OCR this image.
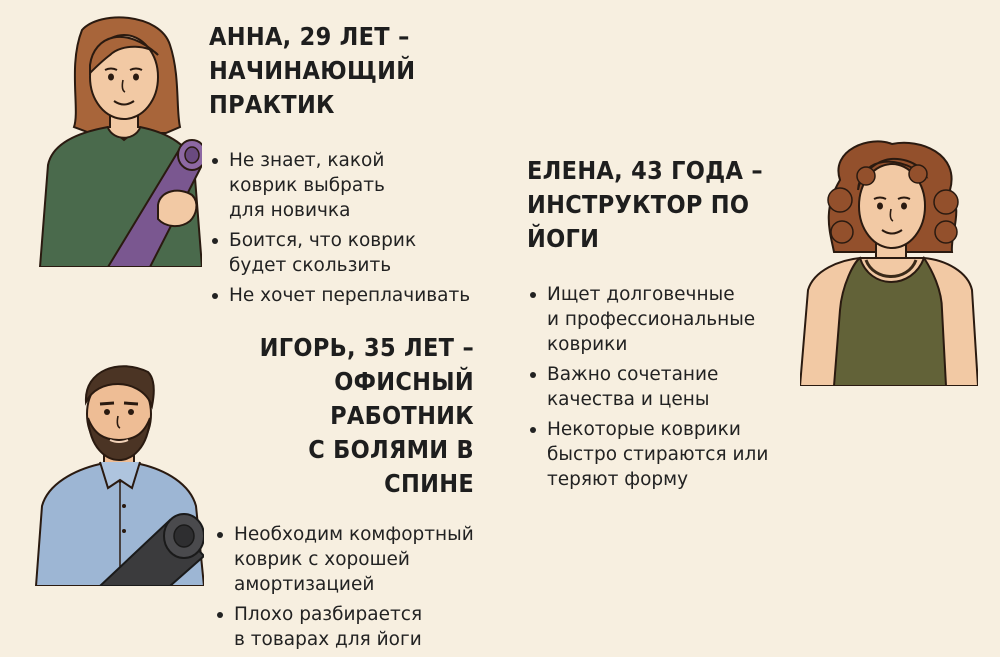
АННА, 29 ЛЕТ –
НАЧИНАЮЩИЙ ПРАКТИК
Не знает, какой
коврик выбрать
для новичка
Боится, что коврик
будет скользить
Не хочет переплачивать
ЕЛЕНА, 43 ГОДА –
ИНСТРУКТОР ПО ЙОГИ
Ищет долговечные
и профессиональные
коврики
Важно сочетание
качества и цены
Некоторые коврики
быстро стираются или
теряют форму
ИГОРЬ, 35 ЛЕТ –
ОФИСНЫЙ РАБОТНИК
С БОЛЯМИ В СПИНЕ
Необходим комфортный
коврик с хорошей
амортизацией
Плохо разбирается
в товарах для йоги
